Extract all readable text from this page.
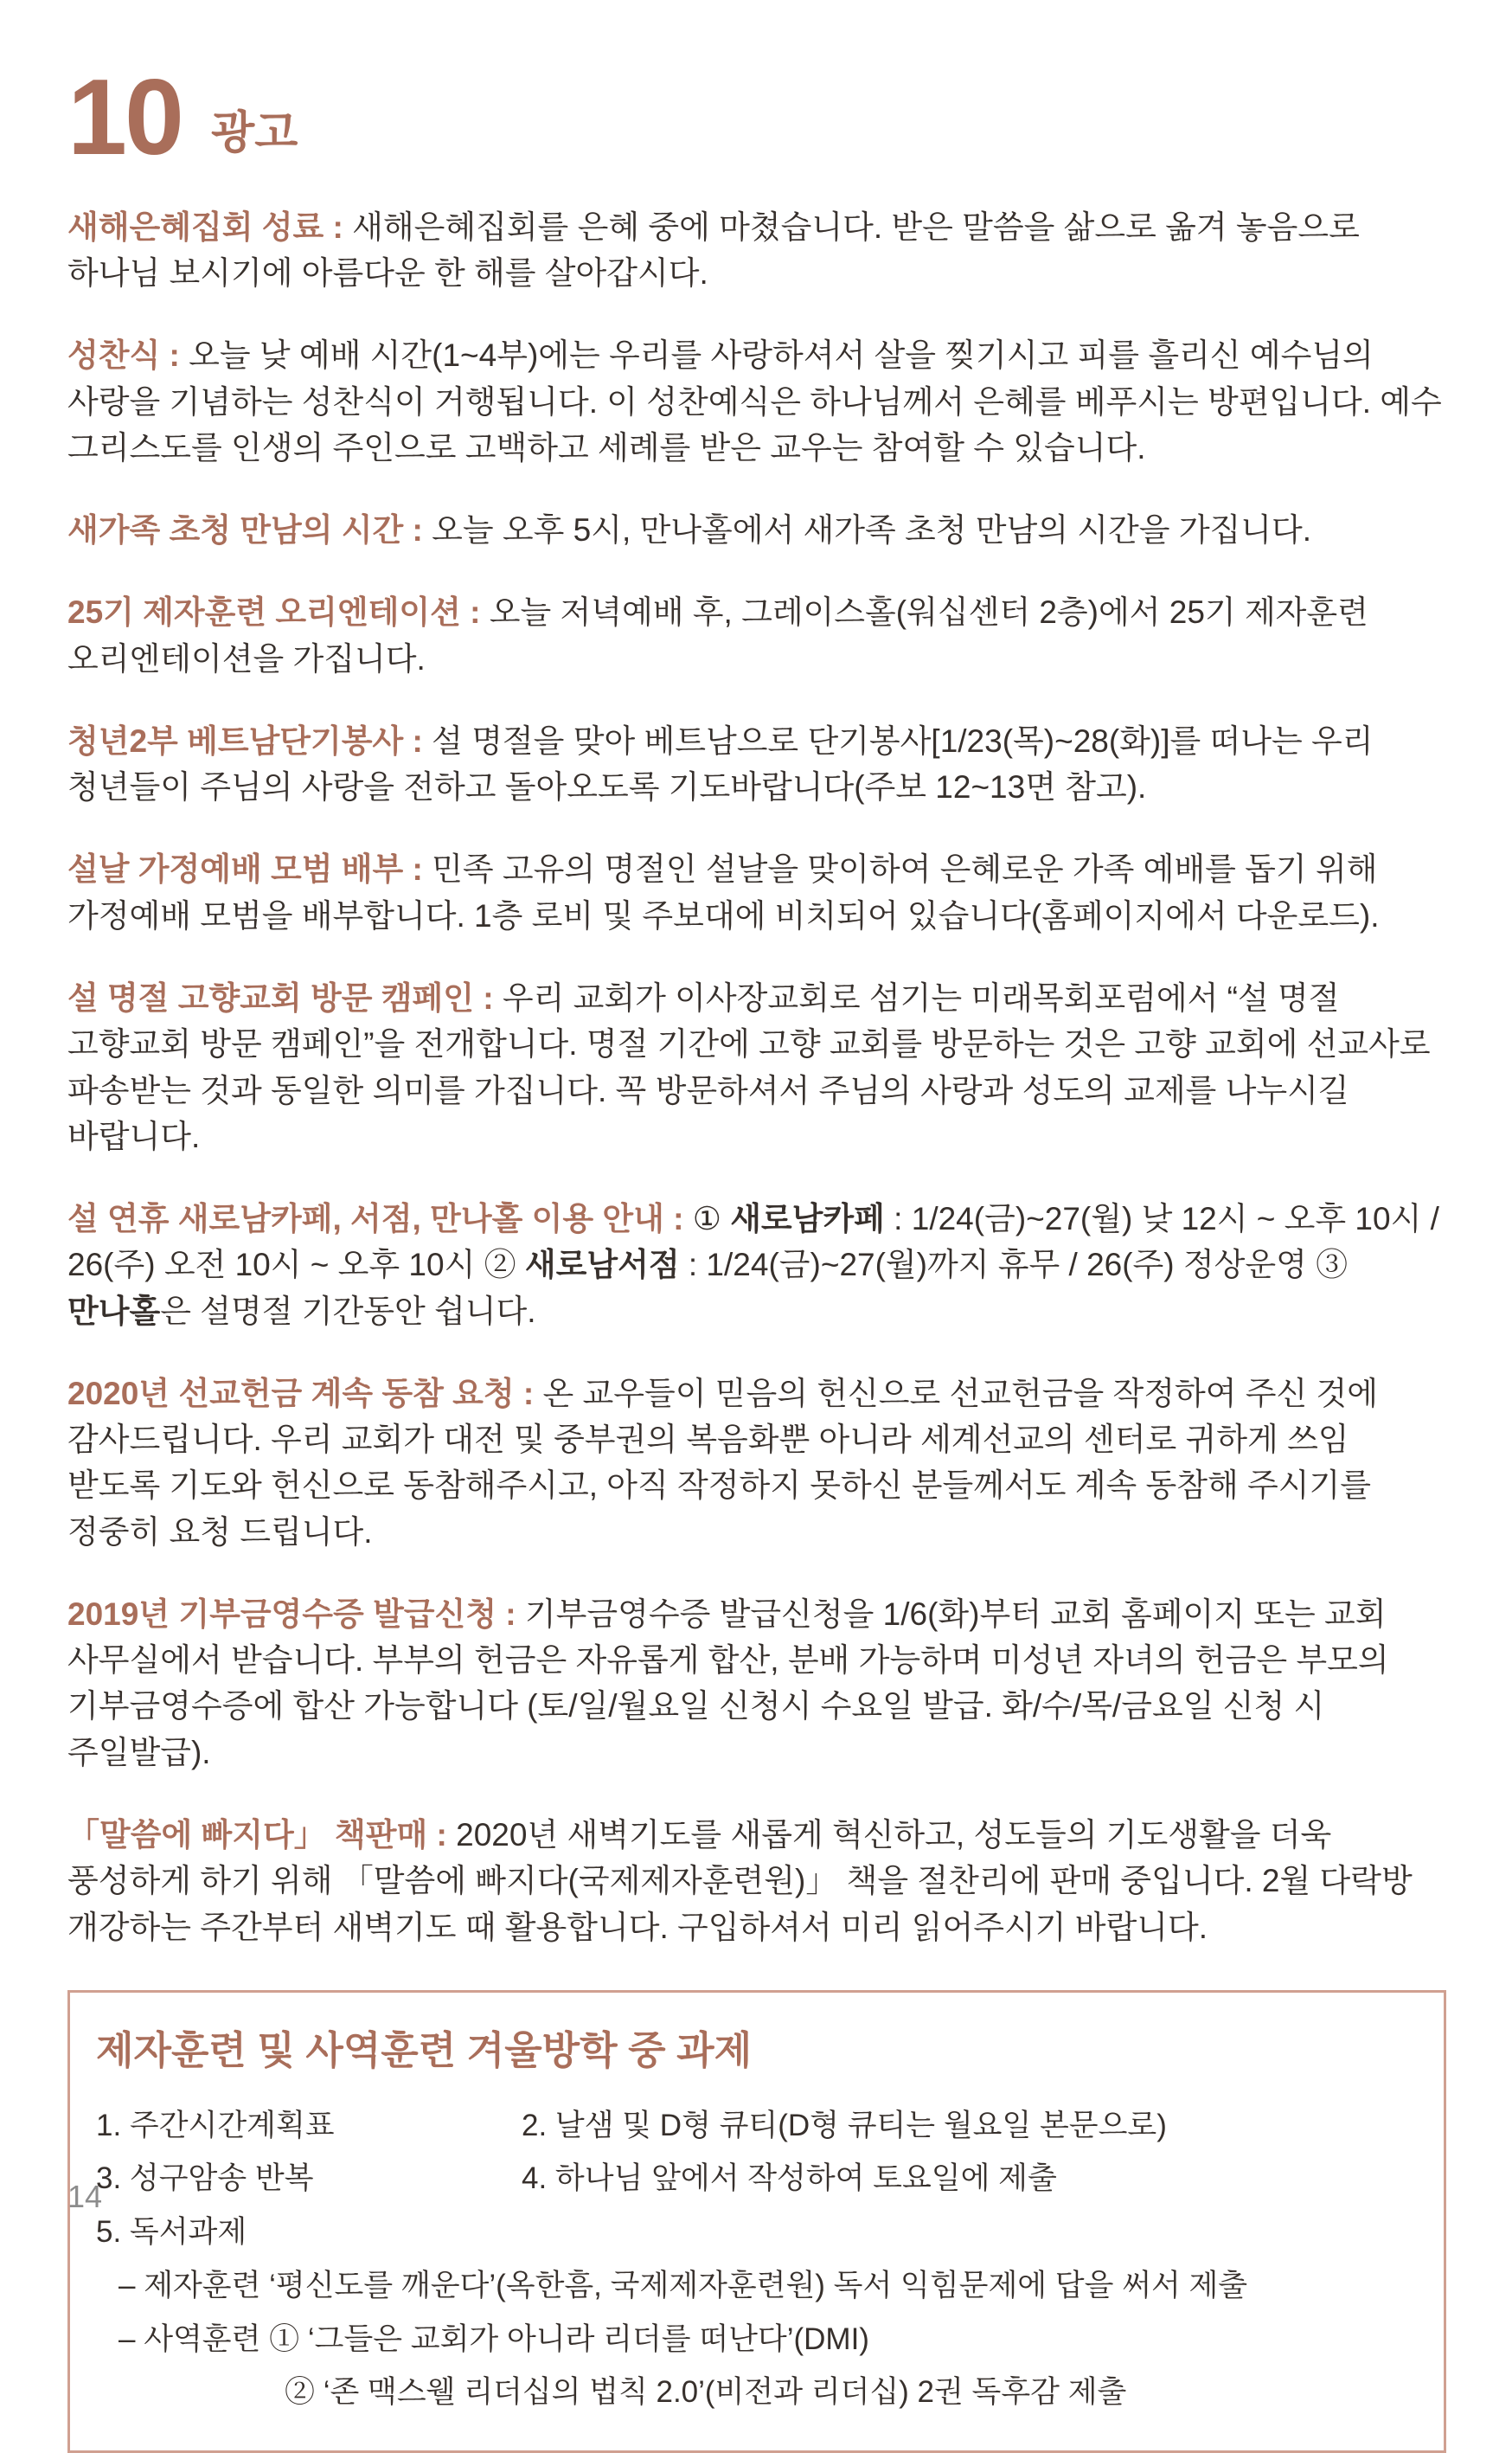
10 광고

새해은혜집회 성료 : 새해은혜집회를 은혜 중에 마쳤습니다. 받은 말씀을 삶으로 옮겨 놓음으로 하나님 보시기에 아름다운 한 해를 살아갑시다.

성찬식 : 오늘 낮 예배 시간(1~4부)에는 우리를 사랑하셔서 살을 찢기시고 피를 흘리신 예수님의 사랑을 기념하는 성찬식이 거행됩니다. 이 성찬예식은 하나님께서 은혜를 베푸시는 방편입니다. 예수 그리스도를 인생의 주인으로 고백하고 세례를 받은 교우는 참여할 수 있습니다.

새가족 초청 만남의 시간 : 오늘 오후 5시, 만나홀에서 새가족 초청 만남의 시간을 가집니다.

25기 제자훈련 오리엔테이션 : 오늘 저녁예배 후, 그레이스홀(워십센터 2층)에서 25기 제자훈련 오리엔테이션을 가집니다.

청년2부 베트남단기봉사 : 설 명절을 맞아 베트남으로 단기봉사[1/23(목)~28(화)]를 떠나는 우리 청년들이 주님의 사랑을 전하고 돌아오도록 기도바랍니다(주보 12~13면 참고).

설날 가정예배 모범 배부 : 민족 고유의 명절인 설날을 맞이하여 은혜로운 가족 예배를 돕기 위해 가정예배 모범을 배부합니다. 1층 로비 및 주보대에 비치되어 있습니다(홈페이지에서 다운로드).

설 명절 고향교회 방문 캠페인 : 우리 교회가 이사장교회로 섬기는 미래목회포럼에서 “설 명절 고향교회 방문 캠페인”을 전개합니다. 명절 기간에 고향 교회를 방문하는 것은 고향 교회에 선교사로 파송받는 것과 동일한 의미를 가집니다. 꼭 방문하셔서 주님의 사랑과 성도의 교제를 나누시길 바랍니다.

설 연휴 새로남카페, 서점, 만나홀 이용 안내 : ① 새로남카페 : 1/24(금)~27(월) 낮 12시 ~ 오후 10시 / 26(주) 오전 10시 ~ 오후 10시 ② 새로남서점 : 1/24(금)~27(월)까지 휴무 / 26(주) 정상운영 ③ 만나홀은 설명절 기간동안 쉽니다.

2020년 선교헌금 계속 동참 요청 : 온 교우들이 믿음의 헌신으로 선교헌금을 작정하여 주신 것에 감사드립니다. 우리 교회가 대전 및 중부권의 복음화뿐 아니라 세계선교의 센터로 귀하게 쓰임 받도록 기도와 헌신으로 동참해주시고, 아직 작정하지 못하신 분들께서도 계속 동참해 주시기를 정중히 요청 드립니다.

2019년 기부금영수증 발급신청 : 기부금영수증 발급신청을 1/6(화)부터 교회 홈페이지 또는 교회 사무실에서 받습니다. 부부의 헌금은 자유롭게 합산, 분배 가능하며 미성년 자녀의 헌금은 부모의 기부금영수증에 합산 가능합니다 (토/일/월요일 신청시 수요일 발급. 화/수/목/금요일 신청 시 주일발급).

「말씀에 빠지다」 책판매 : 2020년 새벽기도를 새롭게 혁신하고, 성도들의 기도생활을 더욱 풍성하게 하기 위해 「말씀에 빠지다(국제제자훈련원)」 책을 절찬리에 판매 중입니다. 2월 다락방 개강하는 주간부터 새벽기도 때 활용합니다. 구입하셔서 미리 읽어주시기 바랍니다.

제자훈련 및 사역훈련 겨울방학 중 과제
1. 주간시간계획표	2. 날샘 및 D형 큐티(D형 큐티는 월요일 본문으로)
3. 성구암송 반복	4. 하나님 앞에서 작성하여 토요일에 제출
5. 독서과제
– 제자훈련 ‘평신도를 깨운다’(옥한흠, 국제제자훈련원) 독서 익힘문제에 답을 써서 제출
– 사역훈련 ① ‘그들은 교회가 아니라 리더를 떠난다’(DMI)
② ‘존 맥스웰 리더십의 법칙 2.0’(비전과 리더십) 2권 독후감 제출
14
